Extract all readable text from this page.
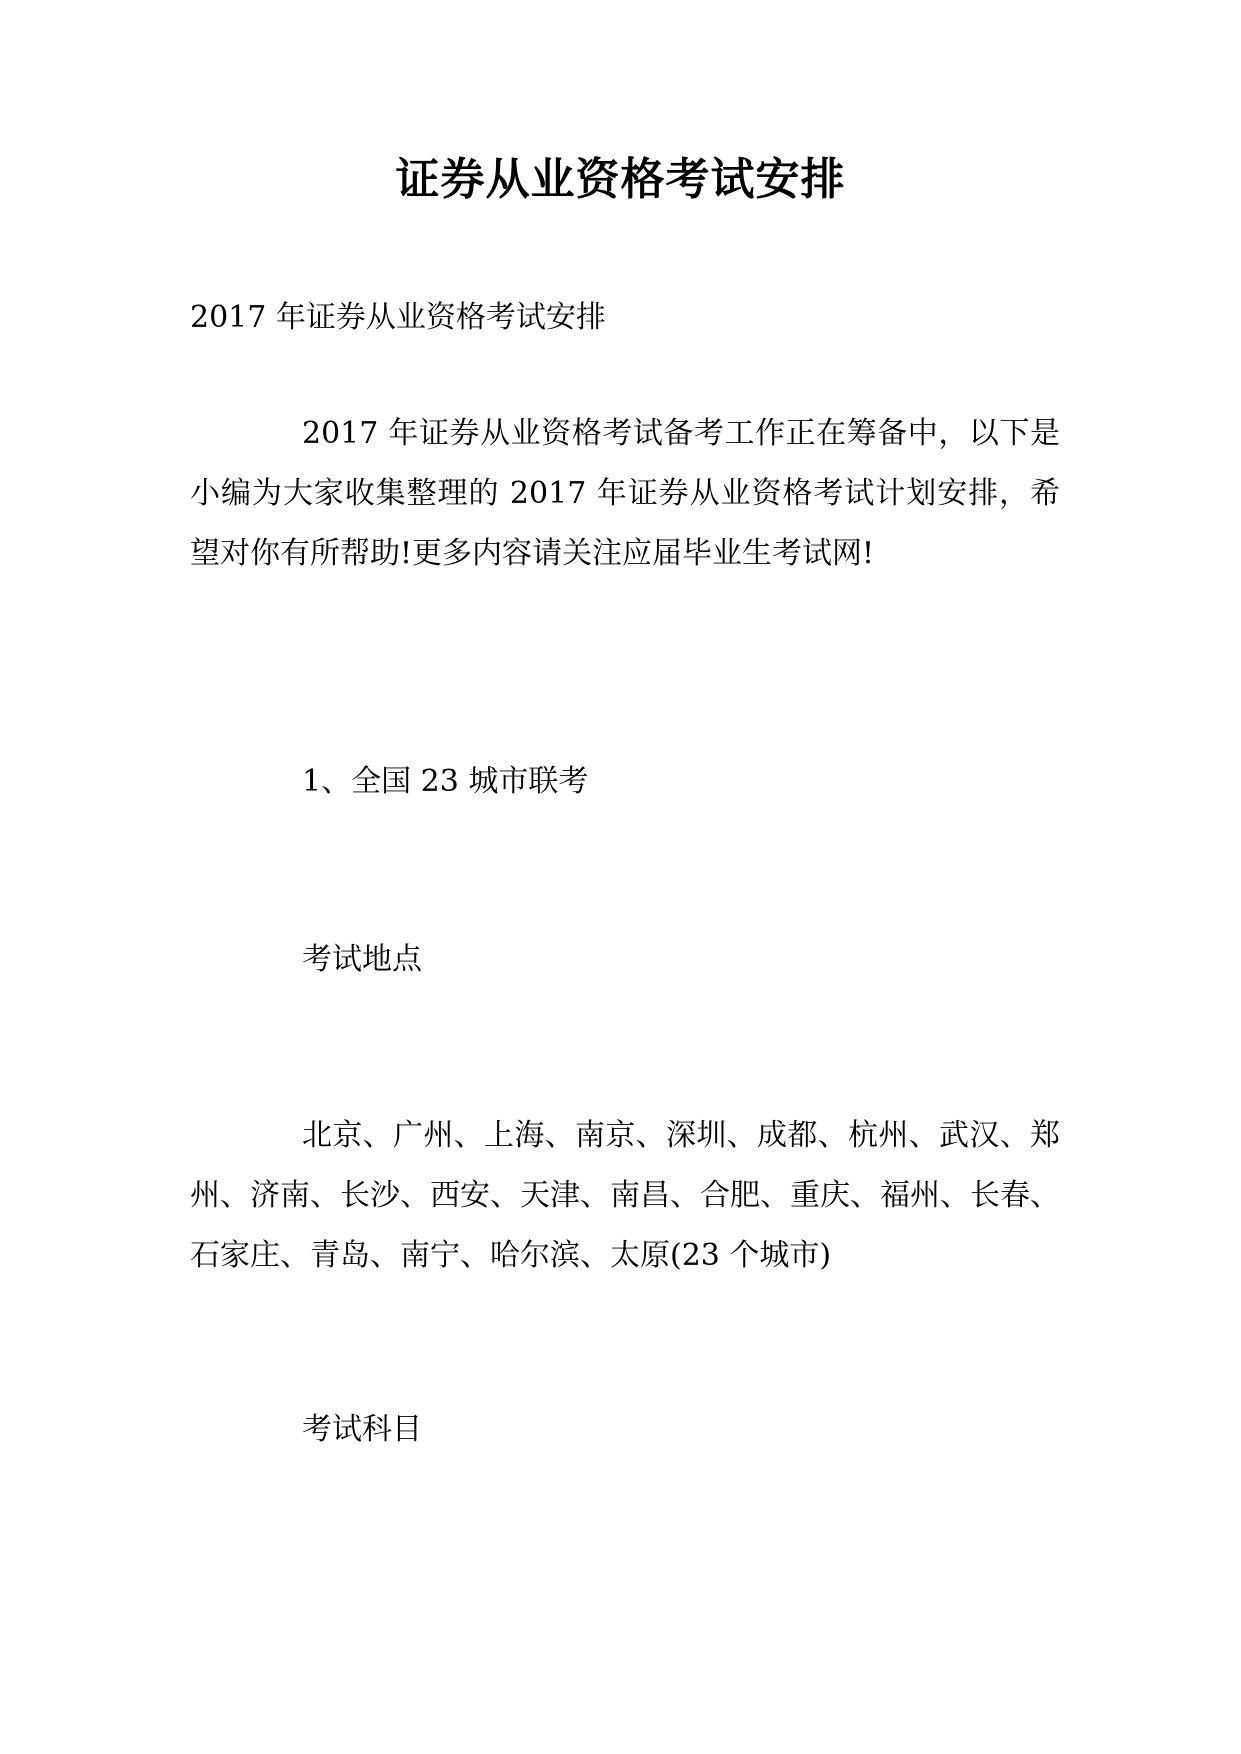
证券从业资格考试安排
2017 年证券从业资格考试安排
2017 年证券从业资格考试备考工作正在筹备中，以下是小编为大家收集整理的 2017 年证券从业资格考试计划安排，希望对你有所帮助!更多内容请关注应届毕业生考试网!
1、全国 23 城市联考
考试地点
北京、广州、上海、南京、深圳、成都、杭州、武汉、郑州、济南、长沙、西安、天津、南昌、合肥、重庆、福州、长春、石家庄、青岛、南宁、哈尔滨、太原(23 个城市)
考试科目
